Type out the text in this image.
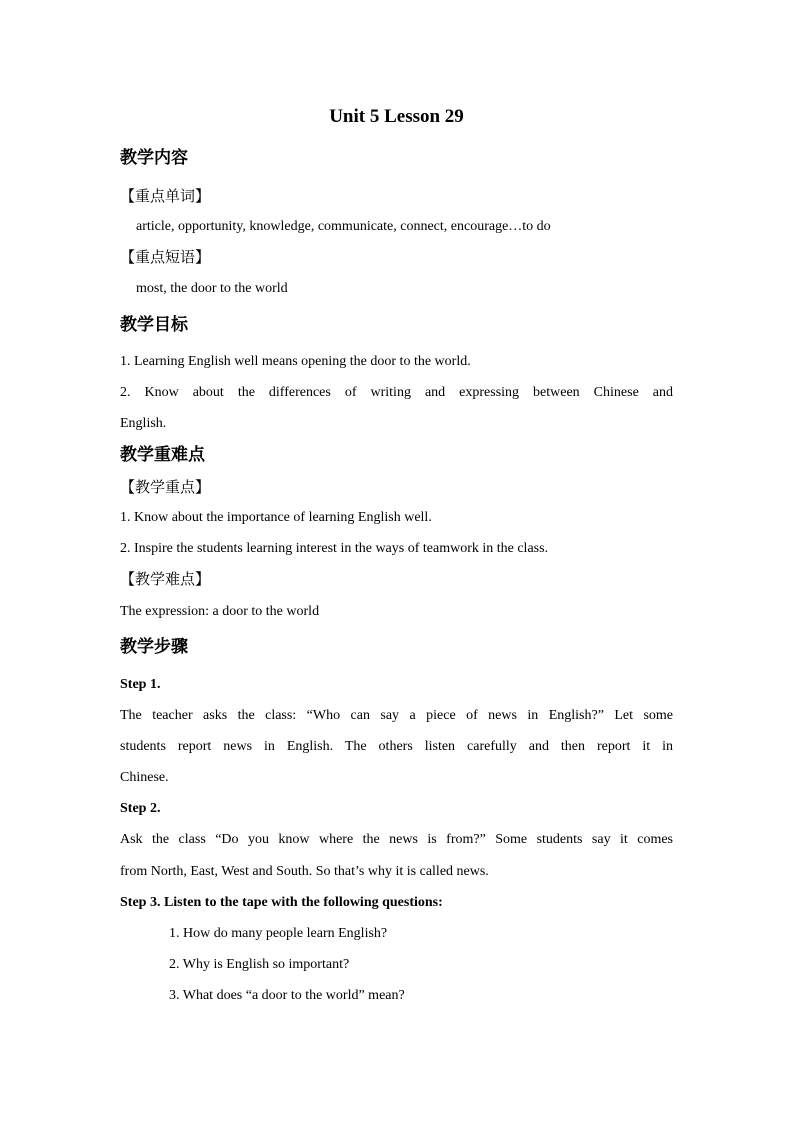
Unit 5 Lesson 29
教学内容
【重点单词】
article, opportunity, knowledge, communicate, connect, encourage…to do
【重点短语】
most, the door to the world
教学目标
1. Learning English well means opening the door to the world.
2. Know about the differences of writing and expressing between Chinese and
English.
教学重难点
【教学重点】
1. Know about the importance of learning English well.
2. Inspire the students learning interest in the ways of teamwork in the class.
【教学难点】
The expression: a door to the world
教学步骤
Step 1.
The teacher asks the class: “Who can say a piece of news in English?” Let some
students report news in English. The others listen carefully and then report it in
Chinese.
Step 2.
Ask the class “Do you know where the news is from?” Some students say it comes
from North, East, West and South. So that’s why it is called news.
Step 3. Listen to the tape with the following questions:
1. How do many people learn English?
2. Why is English so important?
3. What does “a door to the world” mean?
